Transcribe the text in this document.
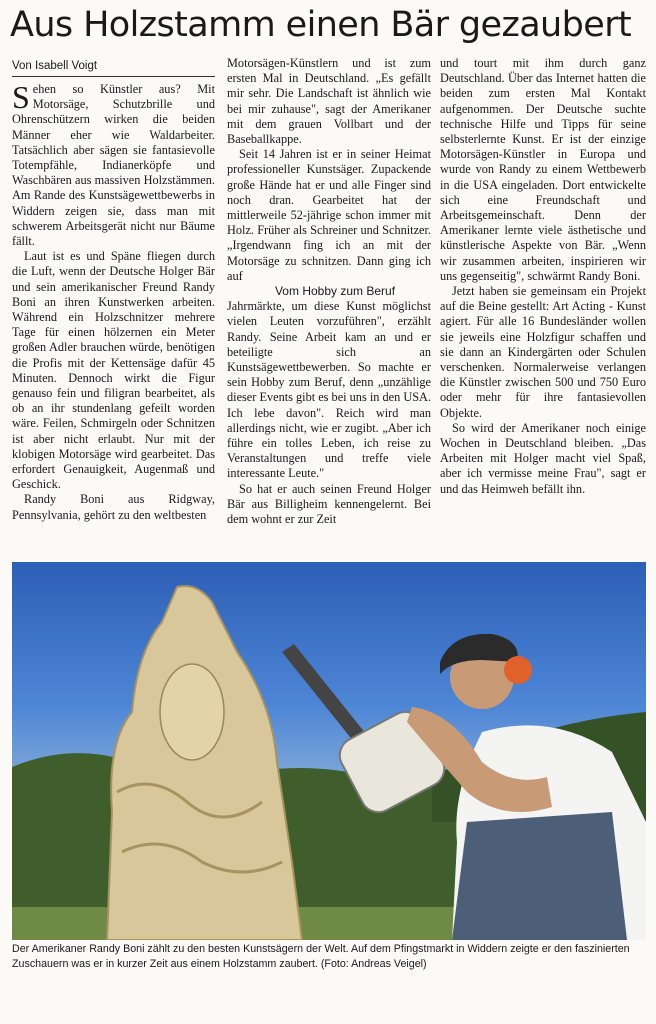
Aus Holzstamm einen Bär gezaubert
Von Isabell Voigt

Sehen so Künstler aus? Mit Motorsäge, Schutzbrille und Ohrenschützern wirken die beiden Männer eher wie Waldarbeiter. Tatsächlich aber sägen sie fantasievolle Totempfähle, Indianerköpfe und Waschbären aus massiven Holzstämmen. Am Rande des Kunstsägewettbewerbs in Widdern zeigen sie, dass man mit schwerem Arbeitsgerät nicht nur Bäume fällt.

Laut ist es und Späne fliegen durch die Luft, wenn der Deutsche Holger Bär und sein amerikanischer Freund Randy Boni an ihren Kunstwerken arbeiten. Während ein Holzschnitzer mehrere Tage für einen hölzernen ein Meter großen Adler brauchen würde, benötigen die Profis mit der Kettensäge dafür 45 Minuten. Dennoch wirkt die Figur genauso fein und filigran bearbeitet, als ob an ihr stundenlang gefeilt worden wäre. Feilen, Schmirgeln oder Schnitzen ist aber nicht erlaubt. Nur mit der klobigen Motorsäge wird gearbeitet. Das erfordert Genauigkeit, Augenmaß und Geschick.

Randy Boni aus Ridgway, Pennsylvania, gehört zu den weltbesten

Motorsägen-Künstlern und ist zum ersten Mal in Deutschland. „Es gefällt mir sehr. Die Landschaft ist ähnlich wie bei mir zuhause", sagt der Amerikaner mit dem grauen Vollbart und der Baseballkappe.

Seit 14 Jahren ist er in seiner Heimat professioneller Kunstsäger. Zupackende große Hände hat er und alle Finger sind noch dran. Gearbeitet hat der mittlerweile 52-jährige schon immer mit Holz. Früher als Schreiner und Schnitzer. „Irgendwann fing ich an mit der Motorsäge zu schnitzen. Dann ging ich auf

Vom Hobby zum Beruf

Jahrmärkte, um diese Kunst möglichst vielen Leuten vorzuführen", erzählt Randy. Seine Arbeit kam an und er beteiligte sich an Kunstsägewettbewerben. So machte er sein Hobby zum Beruf, denn „unzählige dieser Events gibt es bei uns in den USA. Ich lebe davon". Reich wird man allerdings nicht, wie er zugibt. „Aber ich führe ein tolles Leben, ich reise zu Veranstaltungen und treffe viele interessante Leute."

So hat er auch seinen Freund Holger Bär aus Billigheim kennengelernt. Bei dem wohnt er zur Zeit

und tourt mit ihm durch ganz Deutschland. Über das Internet hatten die beiden zum ersten Mal Kontakt aufgenommen. Der Deutsche suchte technische Hilfe und Tipps für seine selbsterlernte Kunst. Er ist der einzige Motorsägen-Künstler in Europa und wurde von Randy zu einem Wettbewerb in die USA eingeladen. Dort entwickelte sich eine Freundschaft und Arbeitsgemeinschaft. Denn der Amerikaner lernte viele ästhetische und künstlerische Aspekte von Bär. „Wenn wir zusammen arbeiten, inspirieren wir uns gegenseitig", schwärmt Randy Boni.

Jetzt haben sie gemeinsam ein Projekt auf die Beine gestellt: Art Acting - Kunst agiert. Für alle 16 Bundesländer wollen sie jeweils eine Holzfigur schaffen und sie dann an Kindergärten oder Schulen verschenken. Normalerweise verlangen die Künstler zwischen 500 und 750 Euro oder mehr für ihre fantasievollen Objekte.

So wird der Amerikaner noch einige Wochen in Deutschland bleiben. „Das Arbeiten mit Holger macht viel Spaß, aber ich vermisse meine Frau", sagt er und das Heimweh befällt ihn.

Der Amerikaner Randy Boni zählt zu den besten Kunstsägern der Welt. Auf dem Pfingstmarkt in Widdern zeigte er den faszinierten Zuschauern was er in kurzer Zeit aus einem Holzstamm zaubert. (Foto: Andreas Veigel)
